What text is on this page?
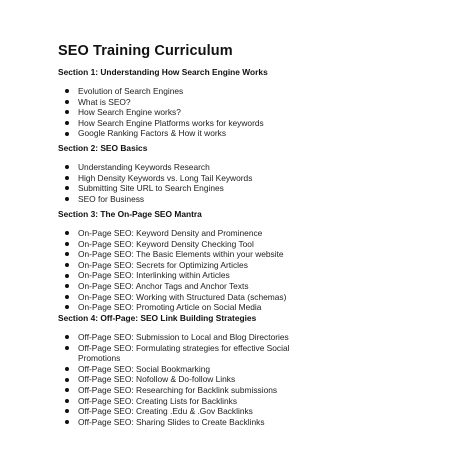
SEO Training Curriculum
Section 1: Understanding How Search Engine Works
Evolution of Search Engines
What is SEO?
How Search Engine works?
How Search Engine Platforms works for keywords
Google Ranking Factors & How it works
Section 2: SEO Basics
Understanding Keywords Research
High Density Keywords vs. Long Tail Keywords
Submitting Site URL to Search Engines
SEO for Business
Section 3: The On-Page SEO Mantra
On-Page SEO: Keyword Density and Prominence
On-Page SEO: Keyword Density Checking Tool
On-Page SEO: The Basic Elements within your website
On-Page SEO: Secrets for Optimizing Articles
On-Page SEO: Interlinking within Articles
On-Page SEO: Anchor Tags and Anchor Texts
On-Page SEO: Working with Structured Data (schemas)
On-Page SEO: Promoting Article on Social Media
Section 4: Off-Page: SEO Link Building Strategies
Off-Page SEO: Submission to Local and Blog Directories
Off-Page SEO: Formulating strategies for effective Social
Promotions
Off-Page SEO: Social Bookmarking
Off-Page SEO: Nofollow & Do-follow Links
Off-Page SEO: Researching for Backlink submissions
Off-Page SEO: Creating Lists for Backlinks
Off-Page SEO: Creating .Edu & .Gov Backlinks
Off-Page SEO: Sharing Slides to Create Backlinks
